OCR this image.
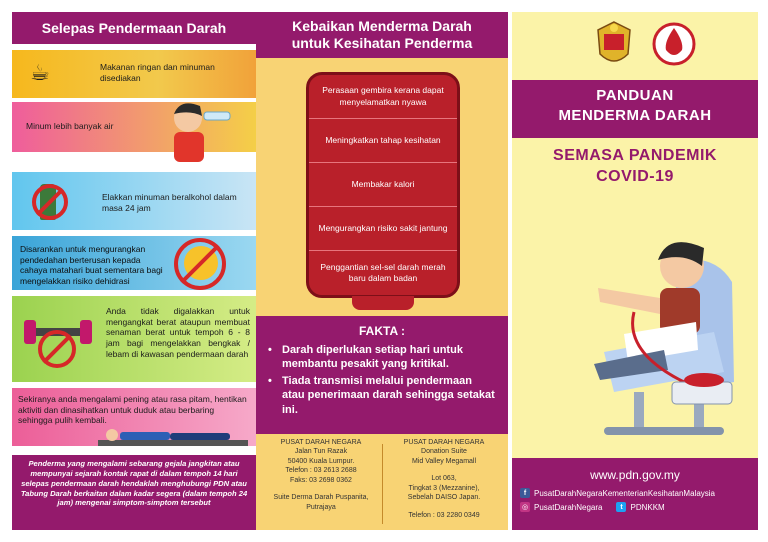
Selepas Pendermaan Darah
☕	Makanan ringan dan minuman disediakan
Minum lebih banyak air
Elakkan minuman beralkohol dalam masa 24 jam
Disarankan untuk mengurangkan pendedahan berterusan kepada cahaya matahari buat sementara bagi mengelakkan risiko dehidrasi
Anda tidak digalakkan untuk mengangkat berat ataupun membuat senaman berat untuk tempoh 6 - 8 jam bagi mengelakkan bengkak / lebam di kawasan pendermaan darah
Sekiranya anda mengalami pening atau rasa pitam, hentikan aktiviti dan dinasihatkan untuk duduk atau berbaring sehingga pulih kembali.
Penderma yang mengalami sebarang gejala jangkitan atau mempunyai sejarah kontak rapat di dalam tempoh 14 hari selepas pendermaan darah hendaklah menghubungi PDN atau Tabung Darah berkaitan dalam kadar segera (dalam tempoh 24 jam) mengenai simptom-simptom tersebut
Kebaikan Menderma Darah
untuk Kesihatan Penderma
Perasaan gembira kerana dapat menyelamatkan nyawa
Meningkatkan tahap kesihatan
Membakar kalori
Mengurangkan risiko sakit jantung
Penggantian sel-sel darah merah baru dalam badan
FAKTA :
• Darah diperlukan setiap hari untuk membantu pesakit yang kritikal.
• Tiada transmisi melalui pendermaan atau penerimaan darah sehingga setakat ini.
PUSAT DARAH NEGARA
Jalan Tun Razak
50400 Kuala Lumpur.
Telefon : 03 2613 2688
Faks: 03 2698 0362
Suite Derma Darah Puspanita,
Putrajaya
PUSAT DARAH NEGARA
Donation Suite
Mid Valley Megamall
Lot 063,
Tingkat 3 (Mezzanine),
Sebelah DAISO Japan.
Telefon : 03 2280 0349
PANDUAN
MENDERMA DARAH
SEMASA PANDEMIK
COVID-19
www.pdn.gov.my
f PusatDarahNegaraKementerianKesihatanMalaysia
◎ PusatDarahNegara	t PDNKKM
